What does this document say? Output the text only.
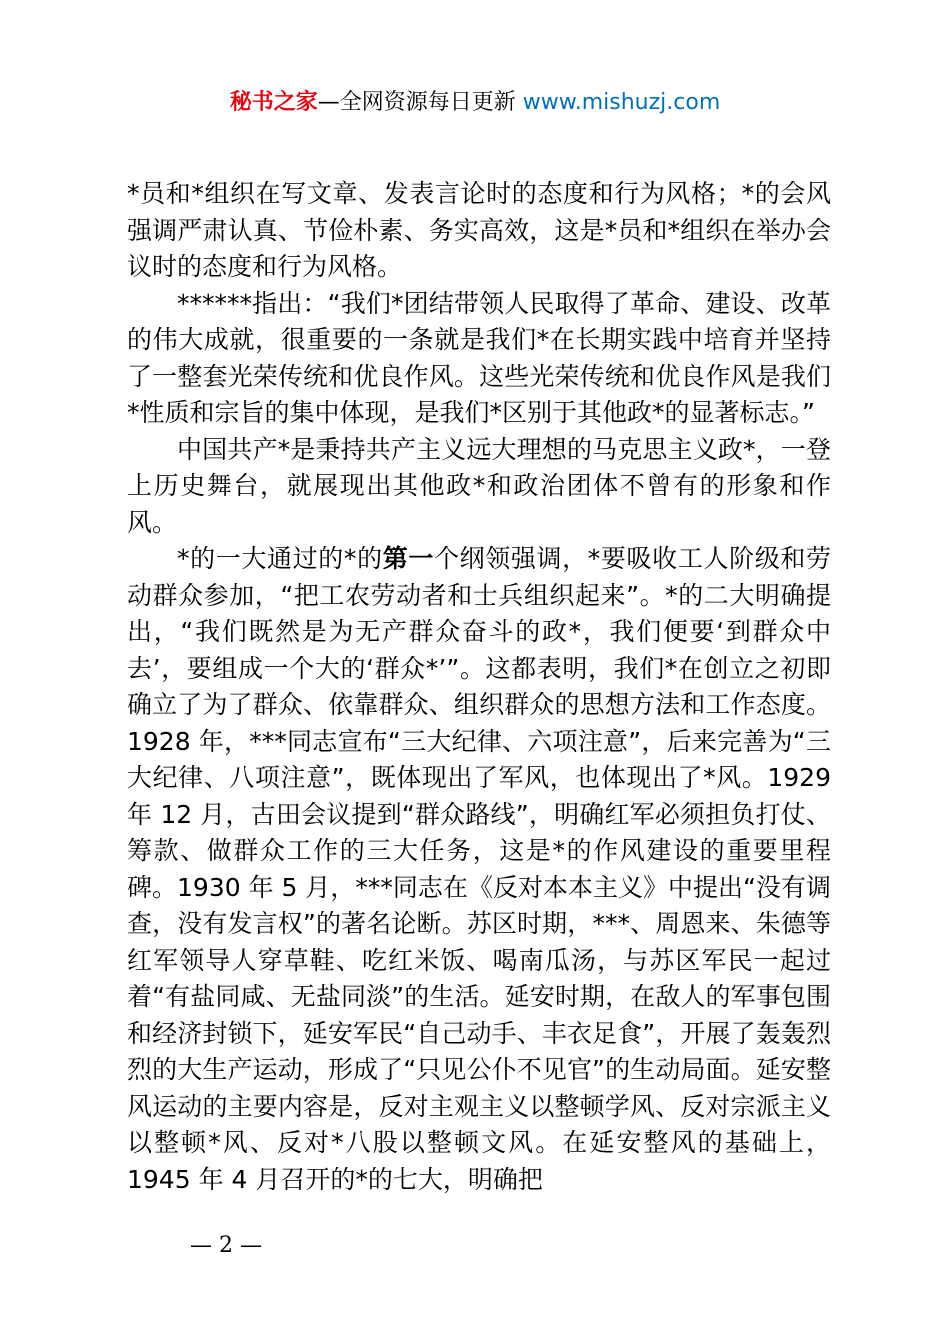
秘书之家—全网资源每日更新 www.mishuzj.com

*员和*组织在写文章、发表言论时的态度和行为风格；*的会风强调严肃认真、节俭朴素、务实高效，这是*员和*组织在举办会议时的态度和行为风格。

******指出：“我们*团结带领人民取得了革命、建设、改革的伟大成就，很重要的一条就是我们*在长期实践中培育并坚持了一整套光荣传统和优良作风。这些光荣传统和优良作风是我们*性质和宗旨的集中体现，是我们*区别于其他政*的显著标志。”

中国共产*是秉持共产主义远大理想的马克思主义政*，一登上历史舞台，就展现出其他政*和政治团体不曾有的形象和作风。

*的一大通过的*的第一个纲领强调，*要吸收工人阶级和劳动群众参加，“把工农劳动者和士兵组织起来”。*的二大明确提出，“我们既然是为无产群众奋斗的政*，我们便要‘到群众中去’，要组成一个大的‘群众*’”。这都表明，我们*在创立之初即确立了为了群众、依靠群众、组织群众的思想方法和工作态度。1928 年，***同志宣布“三大纪律、六项注意”，后来完善为“三大纪律、八项注意”，既体现出了军风，也体现出了*风。1929 年 12 月，古田会议提到“群众路线”，明确红军必须担负打仗、筹款、做群众工作的三大任务，这是*的作风建设的重要里程碑。1930 年 5 月，***同志在《反对本本主义》中提出“没有调查，没有发言权”的著名论断。苏区时期，***、周恩来、朱德等红军领导人穿草鞋、吃红米饭、喝南瓜汤，与苏区军民一起过着“有盐同咸、无盐同淡”的生活。延安时期，在敌人的军事包围和经济封锁下，延安军民“自己动手、丰衣足食”，开展了轰轰烈烈的大生产运动，形成了“只见公仆不见官”的生动局面。延安整风运动的主要内容是，反对主观主义以整顿学风、反对宗派主义以整顿*风、反对*八股以整顿文风。在延安整风的基础上，1945 年 4 月召开的*的七大，明确把

— 2 —
